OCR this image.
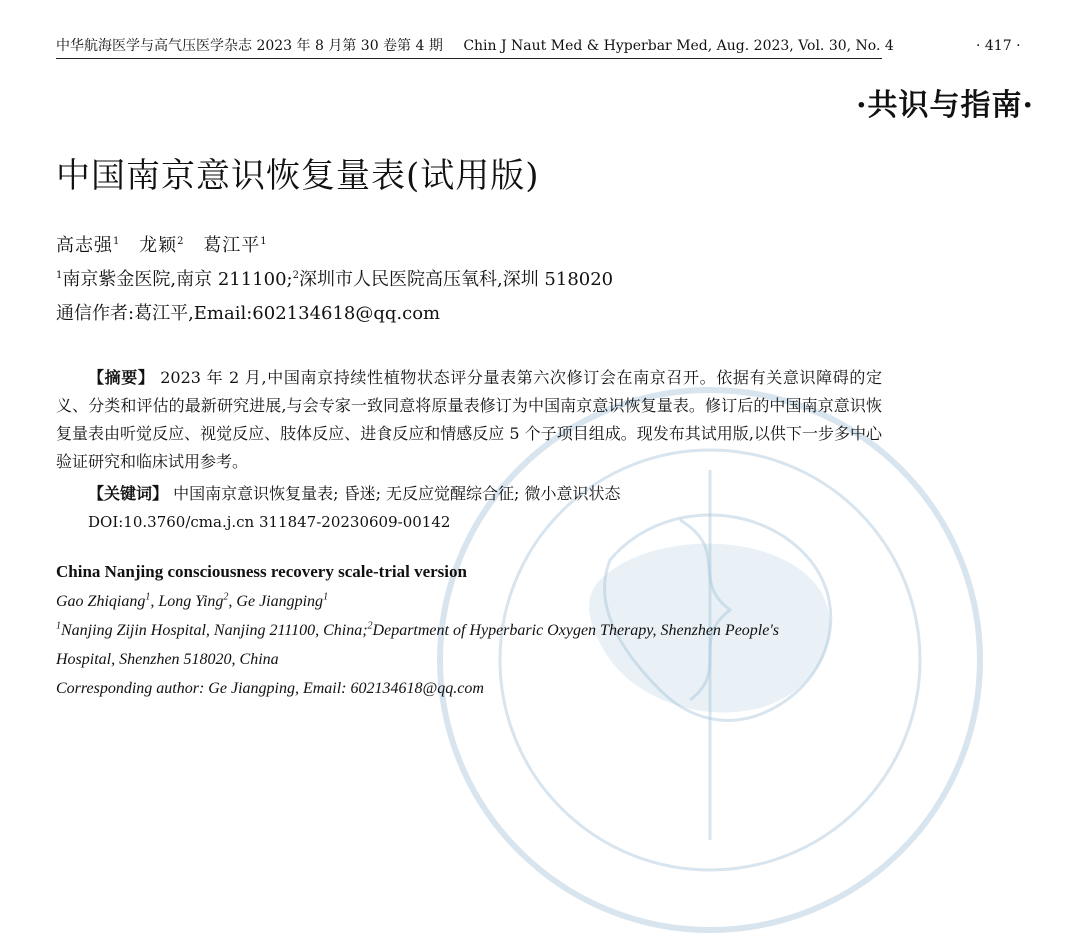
中华航海医学与高气压医学杂志 2023 年 8 月第 30 卷第 4 期 Chin J Naut Med & Hyperbar Med, Aug. 2023, Vol. 30, No. 4	· 417 ·
·共识与指南·
中国南京意识恢复量表(试用版)
高志强$^1$ 龙颖$^2$ 葛江平$^1$
$^1$南京紫金医院,南京 211100;$^2$深圳市人民医院高压氧科,深圳 518020
通信作者:葛江平,Email:602134618@qq.com

【摘要】 2023 年 2 月,中国南京持续性植物状态评分量表第六次修订会在南京召开。依据有关意识障碍的定义、分类和评估的最新研究进展,与会专家一致同意将原量表修订为中国南京意识恢复量表。修订后的中国南京意识恢复量表由听觉反应、视觉反应、肢体反应、进食反应和情感反应 5 个子项目组成。现发布其试用版,以供下一步多中心验证研究和临床试用参考。

【关键词】 中国南京意识恢复量表; 昏迷; 无反应觉醒综合征; 微小意识状态
DOI:10.3760/cma.j.cn 311847-20230609-00142
China Nanjing consciousness recovery scale-trial version
Gao Zhiqiang$^1$, Long Ying$^2$, Ge Jiangping$^1$
$^1$Nanjing Zijin Hospital, Nanjing 211100, China;$^2$Department of Hyperbaric Oxygen Therapy, Shenzhen People's
Hospital, Shenzhen 518020, China
Corresponding author: Ge Jiangping, Email: 602134618@qq.com
